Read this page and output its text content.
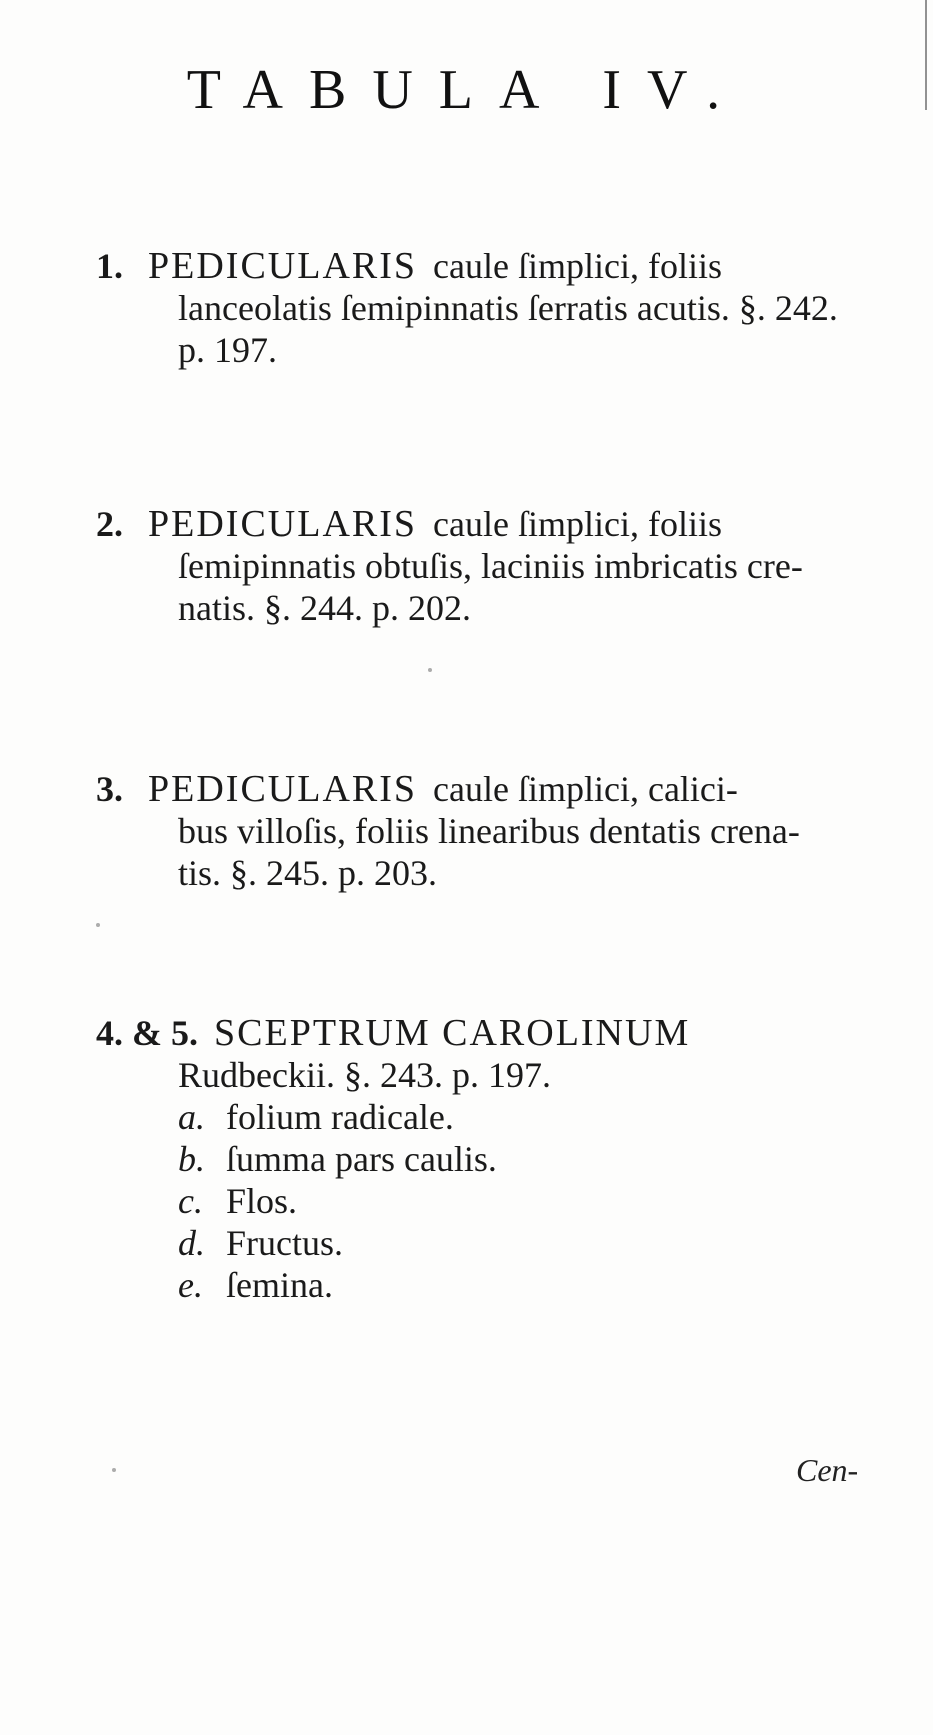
TABULA IV.
1. PEDICULARIS caule ſimplici, foliis
lanceolatis ſemipinnatis ſerratis acutis. §. 242.
p. 197.
2. PEDICULARIS caule ſimplici, foliis
ſemipinnatis obtuſis, laciniis imbricatis cre-
natis. §. 244. p. 202.
3. PEDICULARIS caule ſimplici, calici-
bus villoſis, foliis linearibus dentatis crena-
tis. §. 245. p. 203.
4. & 5. SCEPTRUM CAROLINUM
Rudbeckii. §. 243. p. 197.
a. folium radicale.
b. ſumma pars caulis.
c. Flos.
d. Fructus.
e. ſemina.
Cen-
